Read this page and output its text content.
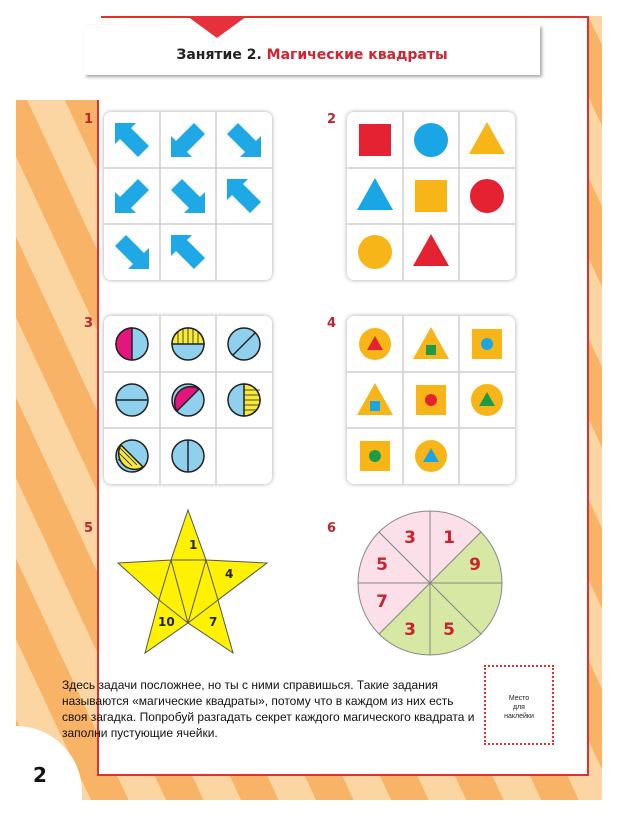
Занятие 2. Магические квадраты
1	2
3	4
5	6
1
4
10	7
3 1
5	9
7
3 5
Здесь задачи посложнее, но ты с ними справишься. Такие задания называются «магические квадраты», потому что в каждом из них есть своя загадка. Попробуй разгадать секрет каждого магического квадрата и заполни пустующие ячейки.
Место
для
наклейки
2
